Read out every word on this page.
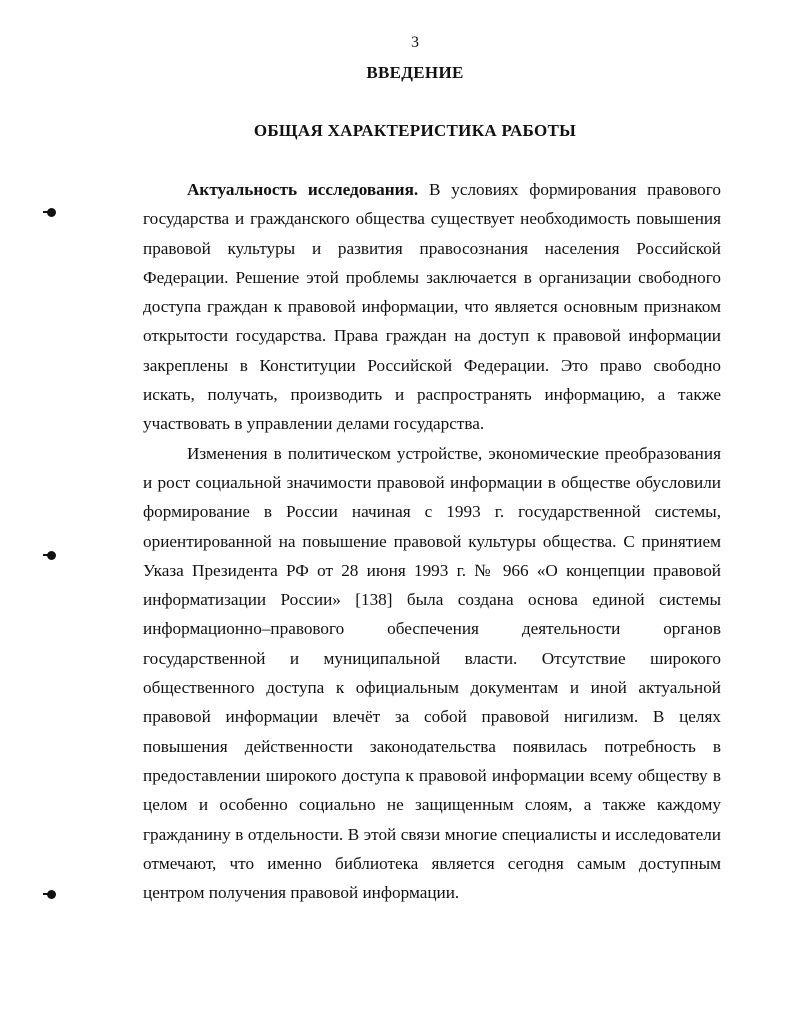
3
ВВЕДЕНИЕ
ОБЩАЯ ХАРАКТЕРИСТИКА РАБОТЫ

Актуальность исследования. В условиях формирования правового государства и гражданского общества существует необходимость повышения правовой культуры и развития правосознания населения Российской Федерации. Решение этой проблемы заключается в организации свободного доступа граждан к правовой информации, что является основным признаком открытости государства. Права граждан на доступ к правовой информации закреплены в Конституции Российской Федерации. Это право свободно искать, получать, производить и распространять информацию, а также участвовать в управлении делами государства.

Изменения в политическом устройстве, экономические преобразования и рост социальной значимости правовой информации в обществе обусловили формирование в России начиная с 1993 г. государственной системы, ориентированной на повышение правовой культуры общества. С принятием Указа Президента РФ от 28 июня 1993 г. № 966 «О концепции правовой информатизации России» [138] была создана основа единой системы информационно–правового обеспечения деятельности органов государственной и муниципальной власти. Отсутствие широкого общественного доступа к официальным документам и иной актуальной правовой информации влечёт за собой правовой нигилизм. В целях повышения действенности законодательства появилась потребность в предоставлении широкого доступа к правовой информации всему обществу в целом и особенно социально не защищенным слоям, а также каждому гражданину в отдельности. В этой связи многие специалисты и исследователи отмечают, что именно библиотека является сегодня самым доступным центром получения правовой информации.
